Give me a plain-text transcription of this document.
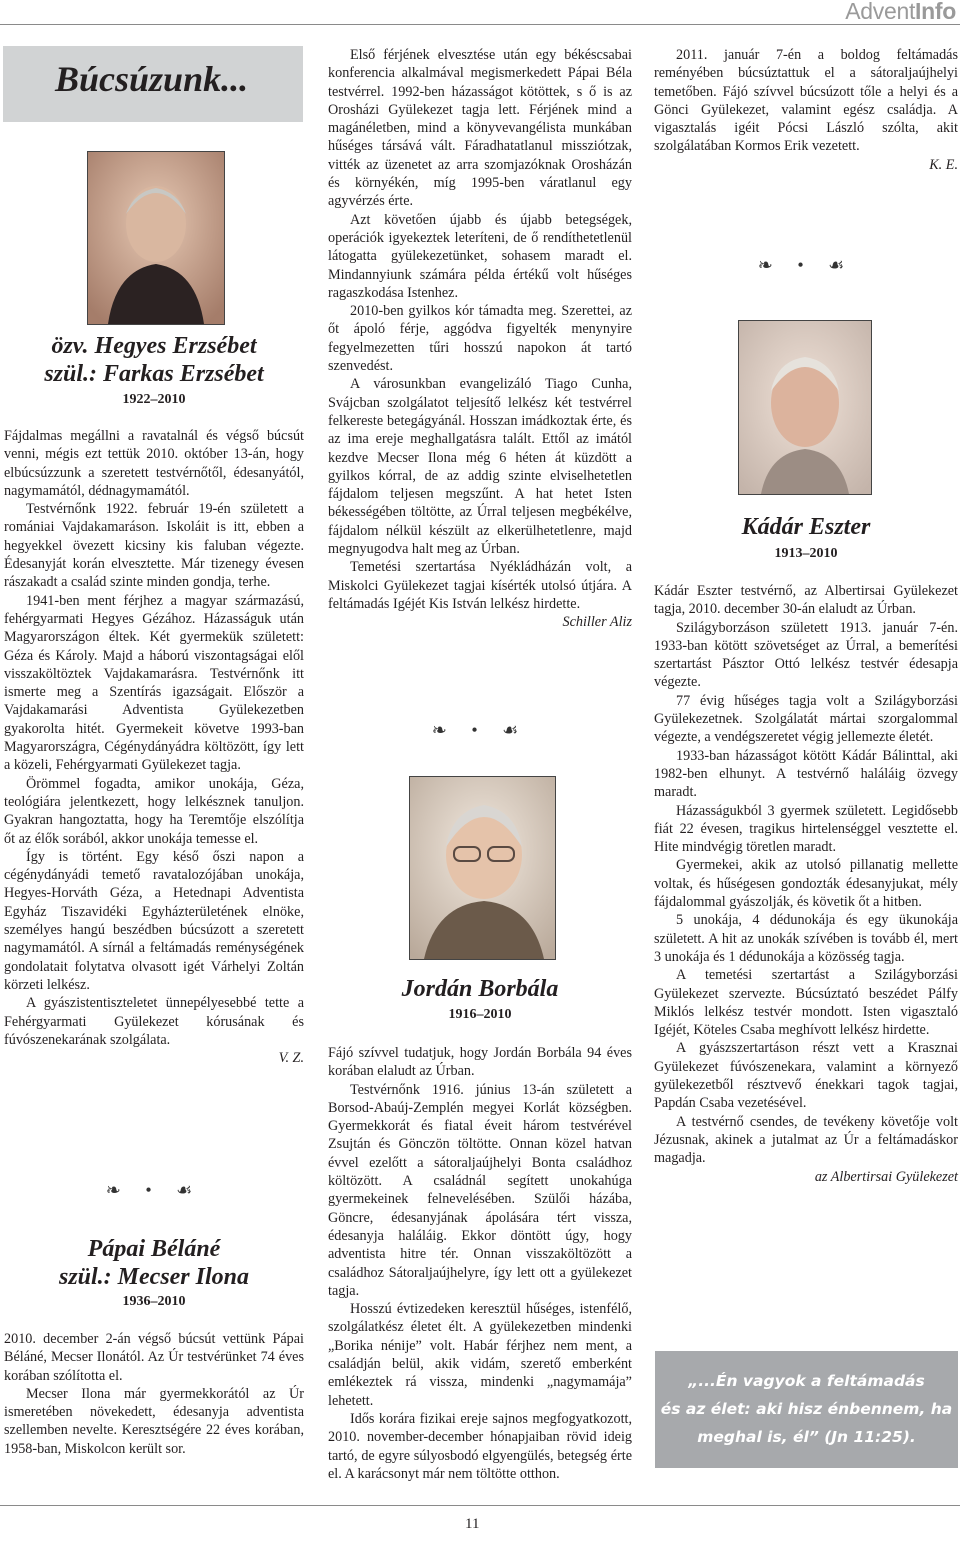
AdventInfo
Búcsúzunk...
özv. Hegyes Erzsébet
szül.: Farkas Erzsébet
1922–2010

Fájdalmas megállni a ravatalnál és végső búcsút venni, mégis ezt tettük 2010. október 13-án, hogy elbúcsúzzunk a szeretett testvérnőtől, édesanyától, nagymamától, dédnagymamától.

Testvérnőnk 1922. február 19-én született a romániai Vajdakamaráson. Iskoláit is itt, ebben a hegyekkel övezett kicsiny kis faluban végezte. Édesanyját korán elvesztette. Már tizenegy évesen rászakadt a család szinte minden gondja, terhe.

1941-ben ment férjhez a magyar származású, fehérgyarmati Hegyes Gézához. Házasságuk után Magyarországon éltek. Két gyermekük született: Géza és Károly. Majd a háború viszontagságai elől visszaköltöztek Vajdakamarásra. Testvérnőnk itt ismerte meg a Szentírás igazságait. Először a Vajdakamarási Adventista Gyülekezetben gyakorolta hitét. Gyermekeit követve 1993-ban Magyarországra, Cégénydányádra költözött, így lett a közeli, Fehérgyarmati Gyülekezet tagja.

Örömmel fogadta, amikor unokája, Géza, teológiára jelentkezett, hogy lelkésznek tanuljon. Gyakran hangoztatta, hogy ha Teremtője elszólítja őt az élők sorából, akkor unokája temesse el.

Így is történt. Egy késő őszi napon a cégénydányádi temető ravatalozójában unokája, Hegyes-Horváth Géza, a Hetednapi Adventista Egyház Tiszavidéki Egyházterületének elnöke, személyes hangú beszédben búcsúzott a szeretett nagymamától. A sírnál a feltámadás reménységének gondolatait folytatva olvasott igét Várhelyi Zoltán körzeti lelkész.

A gyászistentiszteletet ünnepélyesebbé tette a Fehérgyarmati Gyülekezet kórusának és fúvószenekarának szolgálata.

V. Z.
❧ • ☙
Pápai Béláné
szül.: Mecser Ilona
1936–2010

2010. december 2-án végső búcsút vettünk Pápai Béláné, Mecser Ilonától. Az Úr testvérünket 74 éves korában szólította el.

Mecser Ilona már gyermekkorától az Úr ismeretében növekedett, édesanyja adventista szellemben nevelte. Keresztségére 22 éves korában, 1958-ban, Miskolcon került sor.

Első férjének elvesztése után egy békéscsabai konferencia alkalmával megismerkedett Pápai Béla testvérrel. 1992-ben házasságot kötöttek, s ő is az Orosházi Gyülekezet tagja lett. Férjének mind a magánéletben, mind a könyvevangélista munkában hűséges társává vált. Fáradhatatlanul missziótzak, vitték az üzenetet az arra szomjazóknak Orosházán és környékén, míg 1995-ben váratlanul egy agyvérzés érte.

Azt követően újabb és újabb betegségek, operációk igyekeztek leteríteni, de ő rendíthetetlenül látogatta gyülekezetünket, sohasem maradt el. Mindannyiunk számára példa értékű volt hűséges ragaszkodása Istenhez.

2010-ben gyilkos kór támadta meg. Szerettei, az őt ápoló férje, aggódva figyelték menynyire fegyelmezetten tűri hosszú napokon át tartó szenvedést.

A városunkban evangelizáló Tiago Cunha, Svájcban szolgálatot teljesítő lelkész két testvérrel felkereste betegágyánál. Hosszan imádkoztak érte, és az ima ereje meghallgatásra talált. Ettől az imától kezdve Mecser Ilona még 6 héten át küzdött a gyilkos kórral, de az addig szinte elviselhetetlen fájdalom teljesen megszűnt. A hat hetet Isten békességében töltötte, az Úrral teljesen megbékélve, fájdalom nélkül készült az elkerülhetetlenre, majd megnyugodva halt meg az Úrban.

Temetési szertartása Nyékládházán volt, a Miskolci Gyülekezet tagjai kísérték utolsó útjára. A feltámadás Igéjét Kis István lelkész hirdette.

Schiller Aliz
❧ • ☙
Jordán Borbála
1916–2010

Fájó szívvel tudatjuk, hogy Jordán Borbála 94 éves korában elaludt az Úrban.

Testvérnőnk 1916. június 13-án született a Borsod-Abaúj-Zemplén megyei Korlát községben. Gyermekkorát és fiatal éveit három testvérével Zsujtán és Gönczön töltötte. Onnan közel hatvan évvel ezelőtt a sátoraljaújhelyi Bonta családhoz költözött. A családnál segített unokahúga gyermekeinek felnevelésében. Szülői házába, Göncre, édesanyjának ápolására tért vissza, édesanyja haláláig. Ekkor döntött úgy, hogy adventista hitre tér. Onnan visszaköltözött a családhoz Sátoraljaújhelyre, így lett ott a gyülekezet tagja.

Hosszú évtizedeken keresztül hűséges, istenfélő, szolgálatkész életet élt. A gyülekezetben mindenki „Borika nénije” volt. Habár férjhez nem ment, a családján belül, akik vidám, szerető emberként emlékeztek rá vissza, mindenki „nagymamája” lehetett.

Idős korára fizikai ereje sajnos megfogyatkozott, 2010. november-december hónapjaiban rövid ideig tartó, de egyre súlyosbodó elgyengülés, betegség érte el. A karácsonyt már nem töltötte otthon.

2011. január 7-én a boldog feltámadás reményében búcsúztattuk el a sátoraljaújhelyi temetőben. Fájó szívvel búcsúzott tőle a helyi és a Gönci Gyülekezet, valamint egész családja. A vigasztalás igéit Pócsi László szólta, akit szolgálatában Kormos Erik vezetett.

K. E.
❧ • ☙
Kádár Eszter
1913–2010

Kádár Eszter testvérnő, az Albertirsai Gyülekezet tagja, 2010. december 30-án elaludt az Úrban.

Szilágyborzáson született 1913. január 7-én. 1933-ban kötött szövetséget az Úrral, a bemerítési szertartást Pásztor Ottó lelkész testvér édesapja végezte.

77 évig hűséges tagja volt a Szilágyborzási Gyülekezetnek. Szolgálatát mártai szorgalommal végezte, a vendégszeretet végig jellemezte életét.

1933-ban házasságot kötött Kádár Bálinttal, aki 1982-ben elhunyt. A testvérnő haláláig özvegy maradt.

Házasságukból 3 gyermek született. Legidősebb fiát 22 évesen, tragikus hirtelenséggel vesztette el. Hite mindvégig töretlen maradt.

Gyermekei, akik az utolsó pillanatig mellette voltak, és hűségesen gondozták édesanyjukat, mély fájdalommal gyászolják, és követik őt a hitben.

5 unokája, 4 dédunokája és egy ükunokája született. A hit az unokák szívében is tovább él, mert 3 unokája és 1 dédunokája a közösség tagja.

A temetési szertartást a Szilágyborzási Gyülekezet szervezte. Búcsúztató beszédet Pálfy Miklós lelkész testvér mondott. Isten vigasztaló Igéjét, Köteles Csaba meghívott lelkész hirdette.

A gyászszertartáson részt vett a Krasznai Gyülekezet fúvószenekara, valamint a környező gyülekezetből résztvevő énekkari tagok tagjai, Papdán Csaba vezetésével.

A testvérnő csendes, de tevékeny követője volt Jézusnak, akinek a jutalmat az Úr a feltámadáskor magadja.

az Albertirsai Gyülekezet
„...Én vagyok a feltámadás
és az élet: aki hisz énbennem, ha
meghal is, él” (Jn 11:25).
11
